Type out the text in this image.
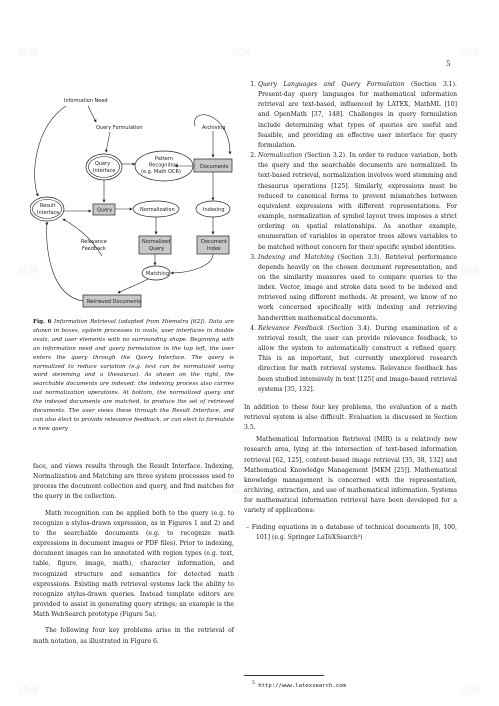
5
Information Need
Query Formulation	Archiving
Query
Interface
Pattern
Recognition
(e.g. Math OCR)
Documents
Result
Interface	Query	Normalization	Indexing
Relevance
Feedback
Normalized
Query
Document
Index
Matching
Retrieved Documents
Fig. 6 Information Retrieval (adapted from Hiemstra [62]). Data are shown in boxes, system processes in ovals, user interfaces in double ovals, and user elements with no surrounding shape. Beginning with an information need and query formulation in the top left, the user enters the query through the Query Interface. The query is normalized to reduce variation (e.g. text can be normalized using word stemming and a thesaurus). As shown on the right, the searchable documents are indexed; the indexing process also carries out normalization operations. At bottom, the normalized query and the indexed documents are matched, to produce the set of retrieved documents. The user views these through the Result Interface, and can also elect to provide relevance feedback, or can elect to formulate a new query

face, and views results through the Result Interface. Indexing, Normalization and Matching are three system processes used to process the document collection and query, and find matches for the query in the collection.

Math recognition can be applied both to the query (e.g. to recognize a stylus-drawn expression, as in Figures 1 and 2) and to the searchable documents (e.g. to recognize math expressions in document images or PDF files). Prior to indexing, document images can be annotated with region types (e.g. text, table, figure, image, math), character information, and recognized structure and semantics for detected math expressions. Existing math retrieval systems lack the ability to recognize stylus-drawn queries. Instead template editors are provided to assist in generating query strings; an example is the Math WebSearch prototype (Figure 5a).

The following four key problems arise in the retrieval of math notation, as illustrated in Figure 6.

1. Query Languages and Query Formulation (Section 3.1). Present-day query languages for mathematical information retrieval are text-based, influenced by LATEX, MathML [10] and OpenMath [37, 148]. Challenges in query formulation include determining what types of queries are useful and feasible, and providing an effective user interface for query formulation.
2. Normalization (Section 3.2). In order to reduce variation, both the query and the searchable documents are normalized. In text-based retrieval, normalization involves word stemming and thesaurus operations [125]. Similarly, expressions must be reduced to canonical forms to prevent mismatches between equivalent expressions with different representations. For example, normalization of symbol layout trees imposes a strict ordering on spatial relationships. As another example, enumeration of variables in operator trees allows variables to be matched without concern for their specific symbol identities.
3. Indexing and Matching (Section 3.3). Retrieval performance depends heavily on the chosen document representation, and on the similarity measures used to compare queries to the index. Vector, image and stroke data need to be indexed and retrieved using different methods. At present, we know of no work concerned specifically with indexing and retrieving handwritten mathematical documents.
4. Relevance Feedback (Section 3.4). During examination of a retrieval result, the user can provide relevance feedback, to allow the system to automatically construct a refined query. This is an important, but currently unexplored research direction for math retrieval systems. Relevance feedback has been studied intensively in text [125] and image-based retrieval systems [35, 132].

In addition to these four key problems, the evaluation of a math retrieval system is also difficult. Evaluation is discussed in Section 3.5.

Mathematical Information Retrieval (MIR) is a relatively new research area, lying at the intersection of text-based information retrieval [62, 125], content-based image retrieval [35, 38, 132] and Mathematical Knowledge Management [MKM [25]]. Mathematical knowledge management is concerned with the representation, archiving, extraction, and use of mathematical information. Systems for mathematical information retrieval have been developed for a variety of applications:

– Finding equations in a database of technical documents [8, 100, 101] (e.g. Springer LaTeXSearch⁵)
$^5$ http://www.latexsearch.com
试读	试读	试读
试读	试读
试读
试读	试读
